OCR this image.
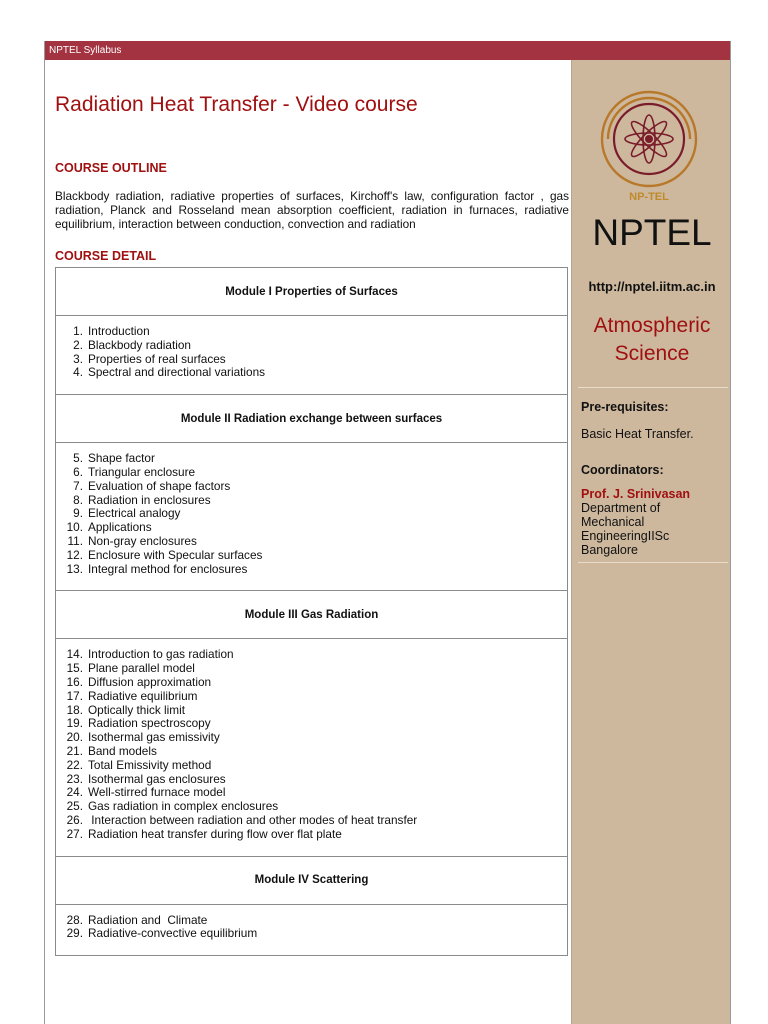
NPTEL Syllabus
Radiation Heat Transfer - Video course
COURSE OUTLINE
Blackbody radiation, radiative properties of surfaces, Kirchoff's law, configuration factor , gas radiation, Planck and Rosseland mean absorption coefficient, radiation in furnaces, radiative equilibrium, interaction between conduction, convection and radiation
COURSE DETAIL
Module I Properties of Surfaces
1. Introduction
2. Blackbody radiation
3. Properties of real surfaces
4. Spectral and directional variations
Module II Radiation exchange between surfaces
5. Shape factor
6. Triangular enclosure
7. Evaluation of shape factors
8. Radiation in enclosures
9. Electrical analogy
10. Applications
11. Non-gray enclosures
12. Enclosure with Specular surfaces
13. Integral method for enclosures
Module III Gas Radiation
14. Introduction to gas radiation
15. Plane parallel model
16. Diffusion approximation
17. Radiative equilibrium
18. Optically thick limit
19. Radiation spectroscopy
20. Isothermal gas emissivity
21. Band models
22. Total Emissivity method
23. Isothermal gas enclosures
24. Well-stirred furnace model
25. Gas radiation in complex enclosures
26. Interaction between radiation and other modes of heat transfer
27. Radiation heat transfer during flow over flat plate
Module IV Scattering
28. Radiation and  Climate
29. Radiative-convective equilibrium
NP-TEL
NPTEL
http://nptel.iitm.ac.in
Atmospheric
Science
Pre-requisites:
Basic Heat Transfer.
Coordinators:
Prof. J. Srinivasan
Department of
Mechanical
EngineeringIISc
Bangalore
